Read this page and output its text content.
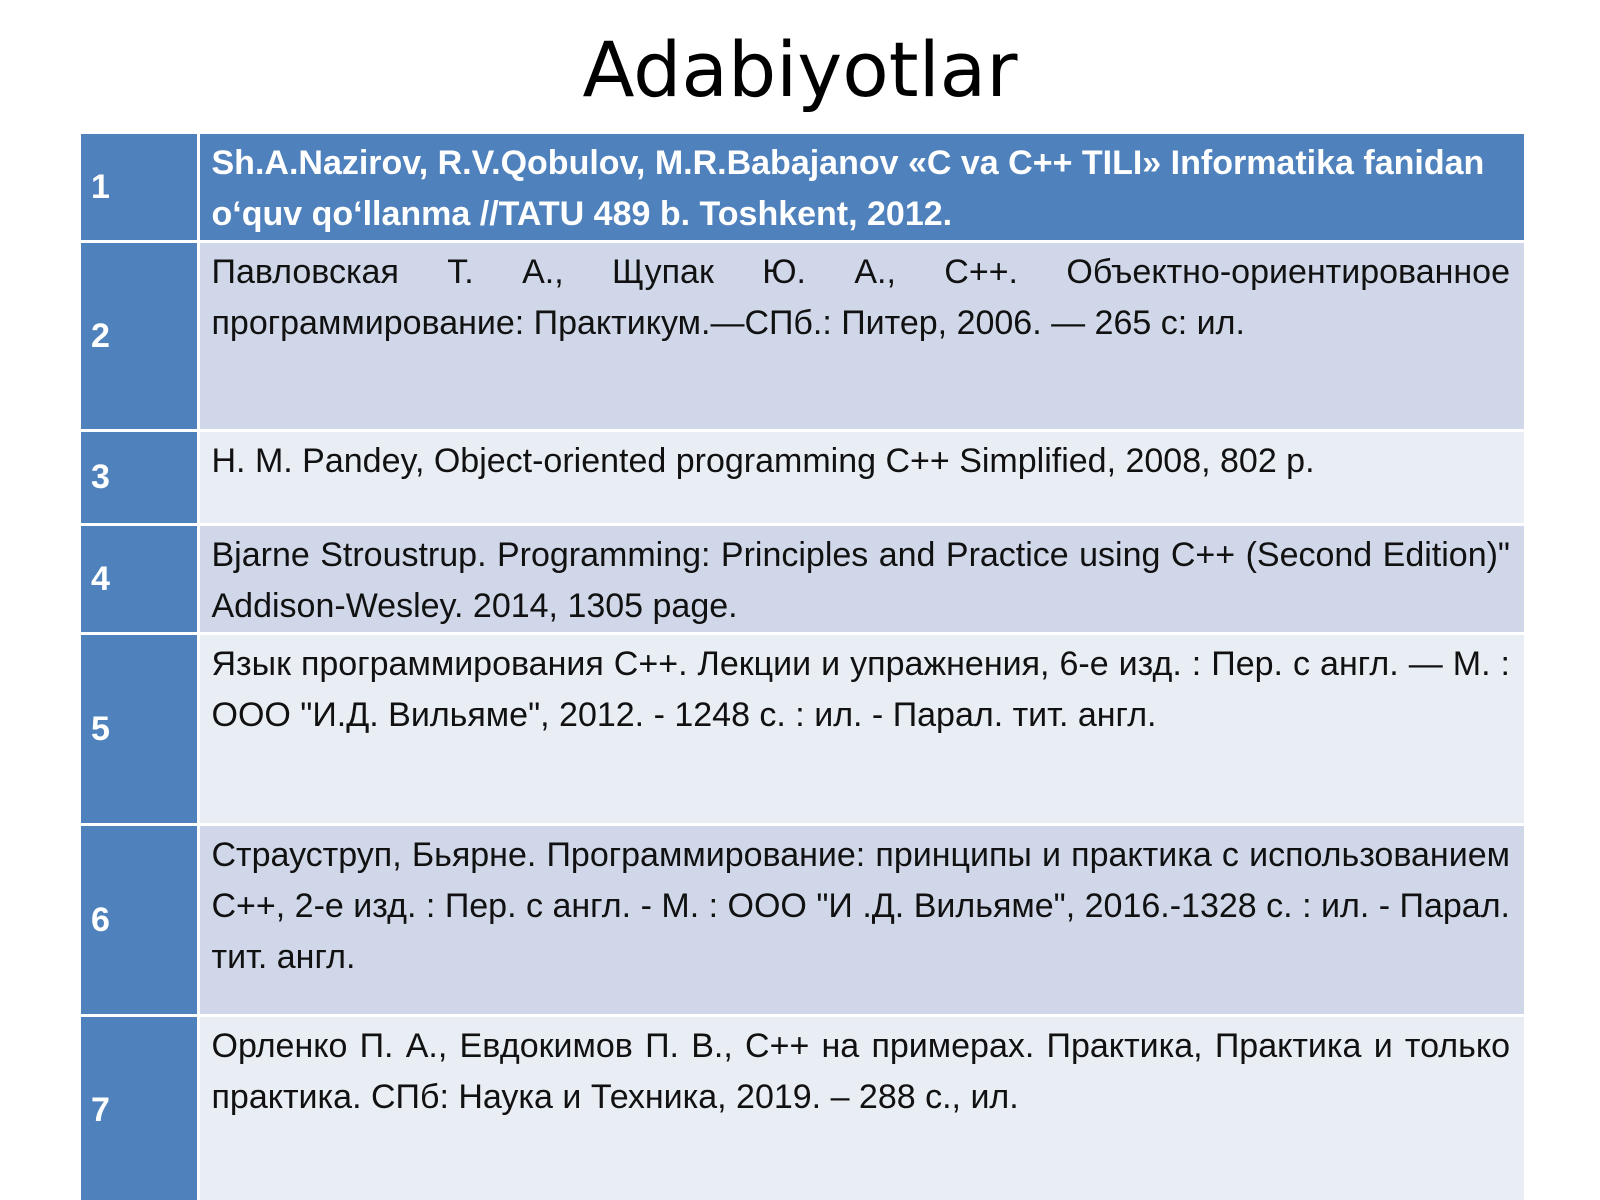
Adabiyotlar
1	Sh.A.Nazirov, R.V.Qobulov, M.R.Babajanov «C va C++ TILI» Informatika fanidan o‘quv qo‘llanma //TATU 489 b. Toshkent, 2012.
2	Павловская Т. А., Щупак Ю. А., С++. Объектно-ориентированное программирование: Практикум.—СПб.: Питер, 2006. — 265 с: ил.
3	H. M. Pandey, Object-oriented programming C++ Simplified, 2008, 802 p.
4	Bjarne Stroustrup. Programming: Principles and Practice using C++ (Second Edition)" Addison-Wesley. 2014, 1305 page.
5	Язык программирования C++. Лекции и упражнения, 6-е изд. : Пер. с англ. — М. : ООО "И.Д. Вильяме", 2012. - 1248 с. : ил. - Парал. тит. англ.
6	Страуструп, Бьярне. Программирование: принципы и практика с использованием C++, 2-е изд. : Пер. с англ. - М. : ООО "И .Д. Вильяме", 2016.-1328 с. : ил. - Парал. тит. англ.
7	Орленко П. А., Евдокимов П. В., С++ на примерах. Практика, Практика и только практика. СПб: Наука и Техника, 2019. – 288 с., ил.
